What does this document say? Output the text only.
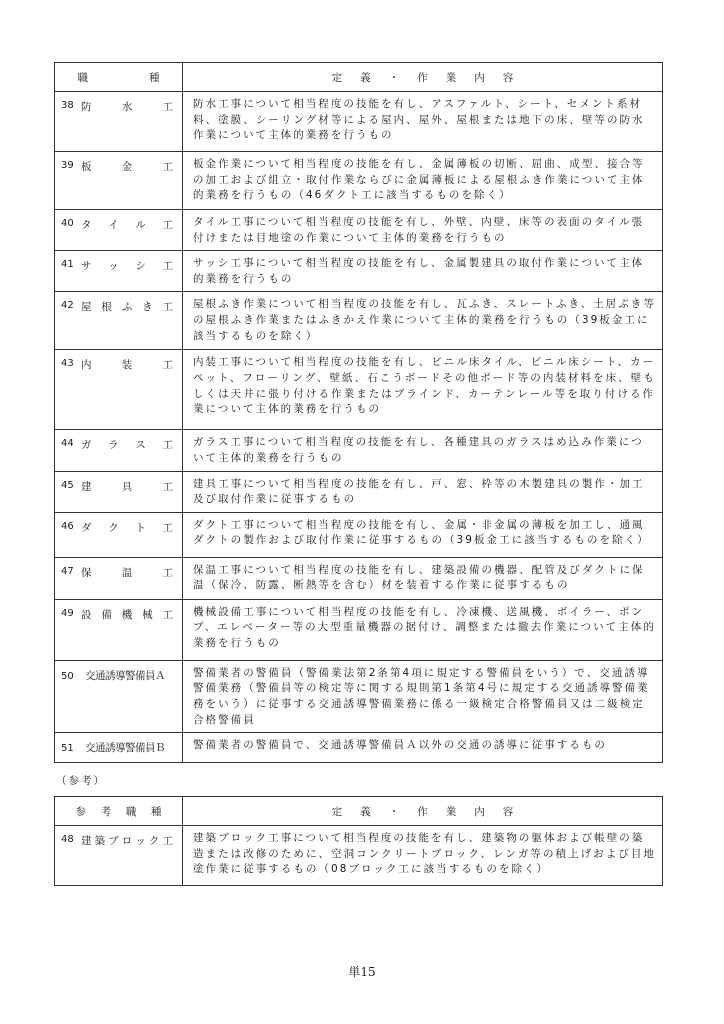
職 種	定 義 ・ 作 業 内 容
38 防 水 工	防水工事について相当程度の技能を有し、アスファルト、シート、セメント系材料、塗膜、シーリング材等による屋内、屋外、屋根または地下の床、壁等の防水作業について主体的業務を行うもの
39 板 金 工	板金作業について相当程度の技能を有し、金属薄板の切断、屈曲、成型、接合等の加工および組立・取付作業ならびに金属薄板による屋根ふき作業について主体的業務を行うもの（46ダクト工に該当するものを除く）
40 タ イ ル 工	タイル工事について相当程度の技能を有し、外壁、内壁、床等の表面のタイル張付けまたは目地塗の作業について主体的業務を行うもの
41 サ ッ シ 工	サッシ工事について相当程度の技能を有し、金属製建具の取付作業について主体的業務を行うもの
42 屋 根 ふ き 工	屋根ふき作業について相当程度の技能を有し、瓦ふき、スレートふき、土居ぶき等の屋根ふき作業またはふきかえ作業について主体的業務を行うもの（39板金工に該当するものを除く）
43 内 装 工	内装工事について相当程度の技能を有し、ビニル床タイル、ビニル床シート、カーペット、フローリング、壁紙、石こうボードその他ボード等の内装材料を床、壁もしくは天井に張り付ける作業またはブラインド、カーテンレール等を取り付ける作業について主体的業務を行うもの
44 ガ ラ ス 工	ガラス工事について相当程度の技能を有し、各種建具のガラスはめ込み作業について主体的業務を行うもの
45 建 具 工	建具工事について相当程度の技能を有し、戸、窓、枠等の木製建具の製作・加工及び取付作業に従事するもの
46 ダ ク ト 工	ダクト工事について相当程度の技能を有し、金属・非金属の薄板を加工し、通風ダクトの製作および取付作業に従事するもの（39板金工に該当するものを除く）
47 保 温 工	保温工事について相当程度の技能を有し、建築設備の機器、配管及びダクトに保温（保冷、防露、断熱等を含む）材を装着する作業に従事するもの
49 設 備 機 械 工	機械設備工事について相当程度の技能を有し、冷凍機、送風機、ボイラー、ポンプ、エレベーター等の大型重量機器の据付け、調整または撤去作業について主体的業務を行うもの
50 交通誘導警備員Ａ	警備業者の警備員（警備業法第2条第4項に規定する警備員をいう）で、交通誘導警備業務（警備員等の検定等に関する規則第1条第4号に規定する交通誘導警備業務をいう）に従事する交通誘導警備業務に係る一級検定合格警備員又は二級検定合格警備員
51 交通誘導警備員Ｂ	警備業者の警備員で、交通誘導警備員Ａ以外の交通の誘導に従事するもの
（参考）
参 考 職 種	定 義 ・ 作 業 内 容
48 建 築 ブ ロ ッ ク 工	建築ブロック工事について相当程度の技能を有し、建築物の躯体および帳壁の築造または改修のために、空洞コンクリートブロック、レンガ等の積上げおよび目地塗作業に従事するもの（08ブロック工に該当するものを除く）
単15
